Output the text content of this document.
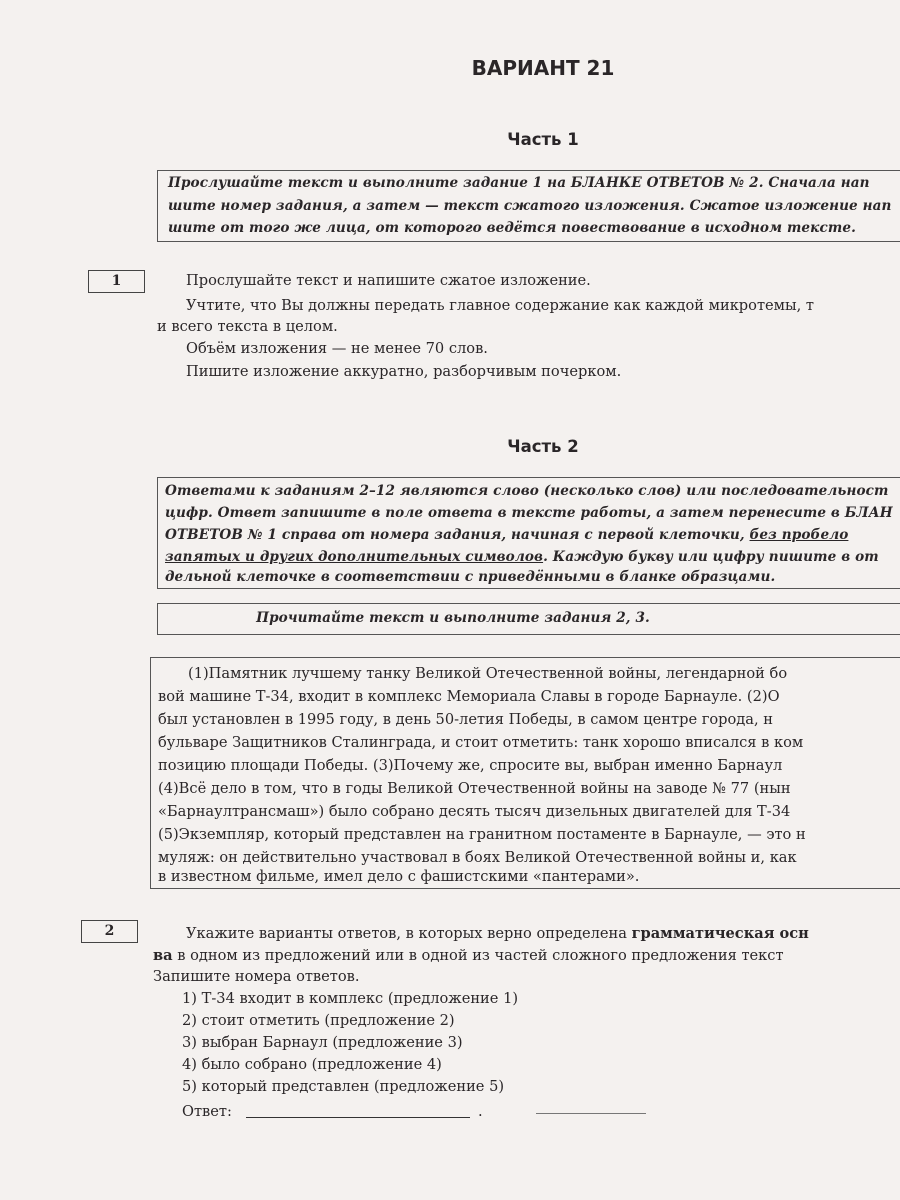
ВАРИАНТ 21
Часть 1
Прослушайте текст и выполните задание 1 на БЛАНКЕ ОТВЕТОВ № 2. Сначала нап
шите номер задания, а затем — текст сжатого изложения. Сжатое изложение нап
шите от того же лица, от которого ведётся повествование в исходном тексте.
1	Прослушайте текст и напишите сжатое изложение.
Учтите, что Вы должны передать главное содержание как каждой микротемы, т
и всего текста в целом.
Объём изложения — не менее 70 слов.
Пишите изложение аккуратно, разборчивым почерком.
Часть 2
Ответами к заданиям 2–12 являются слово (несколько слов) или последовательност
цифр. Ответ запишите в поле ответа в тексте работы, а затем перенесите в БЛАН
ОТВЕТОВ № 1 справа от номера задания, начиная с первой клеточки, без пробело
запятых и других дополнительных символов. Каждую букву или цифру пишите в от
дельной клеточке в соответствии с приведёнными в бланке образцами.
Прочитайте текст и выполните задания 2, 3.
(1)Памятник лучшему танку Великой Отечественной войны, легендарной бо
вой машине Т-34, входит в комплекс Мемориала Славы в городе Барнауле. (2)О
был установлен в 1995 году, в день 50-летия Победы, в самом центре города, н
бульваре Защитников Сталинграда, и стоит отметить: танк хорошо вписался в ком
позицию площади Победы. (3)Почему же, спросите вы, выбран именно Барнаул
(4)Всё дело в том, что в годы Великой Отечественной войны на заводе № 77 (нын
«Барнаултрансмаш») было собрано десять тысяч дизельных двигателей для Т-34
(5)Экземпляр, который представлен на гранитном постаменте в Барнауле, — это н
муляж: он действительно участвовал в боях Великой Отечественной войны и, как
в известном фильме, имел дело с фашистскими «пантерами».
2	Укажите варианты ответов, в которых верно определена грамматическая осн
ва в одном из предложений или в одной из частей сложного предложения текст
Запишите номера ответов.
1) Т-34 входит в комплекс (предложение 1)
2) стоит отметить (предложение 2)
3) выбран Барнаул (предложение 3)
4) было собрано (предложение 4)
5) который представлен (предложение 5)
Ответ:	.
